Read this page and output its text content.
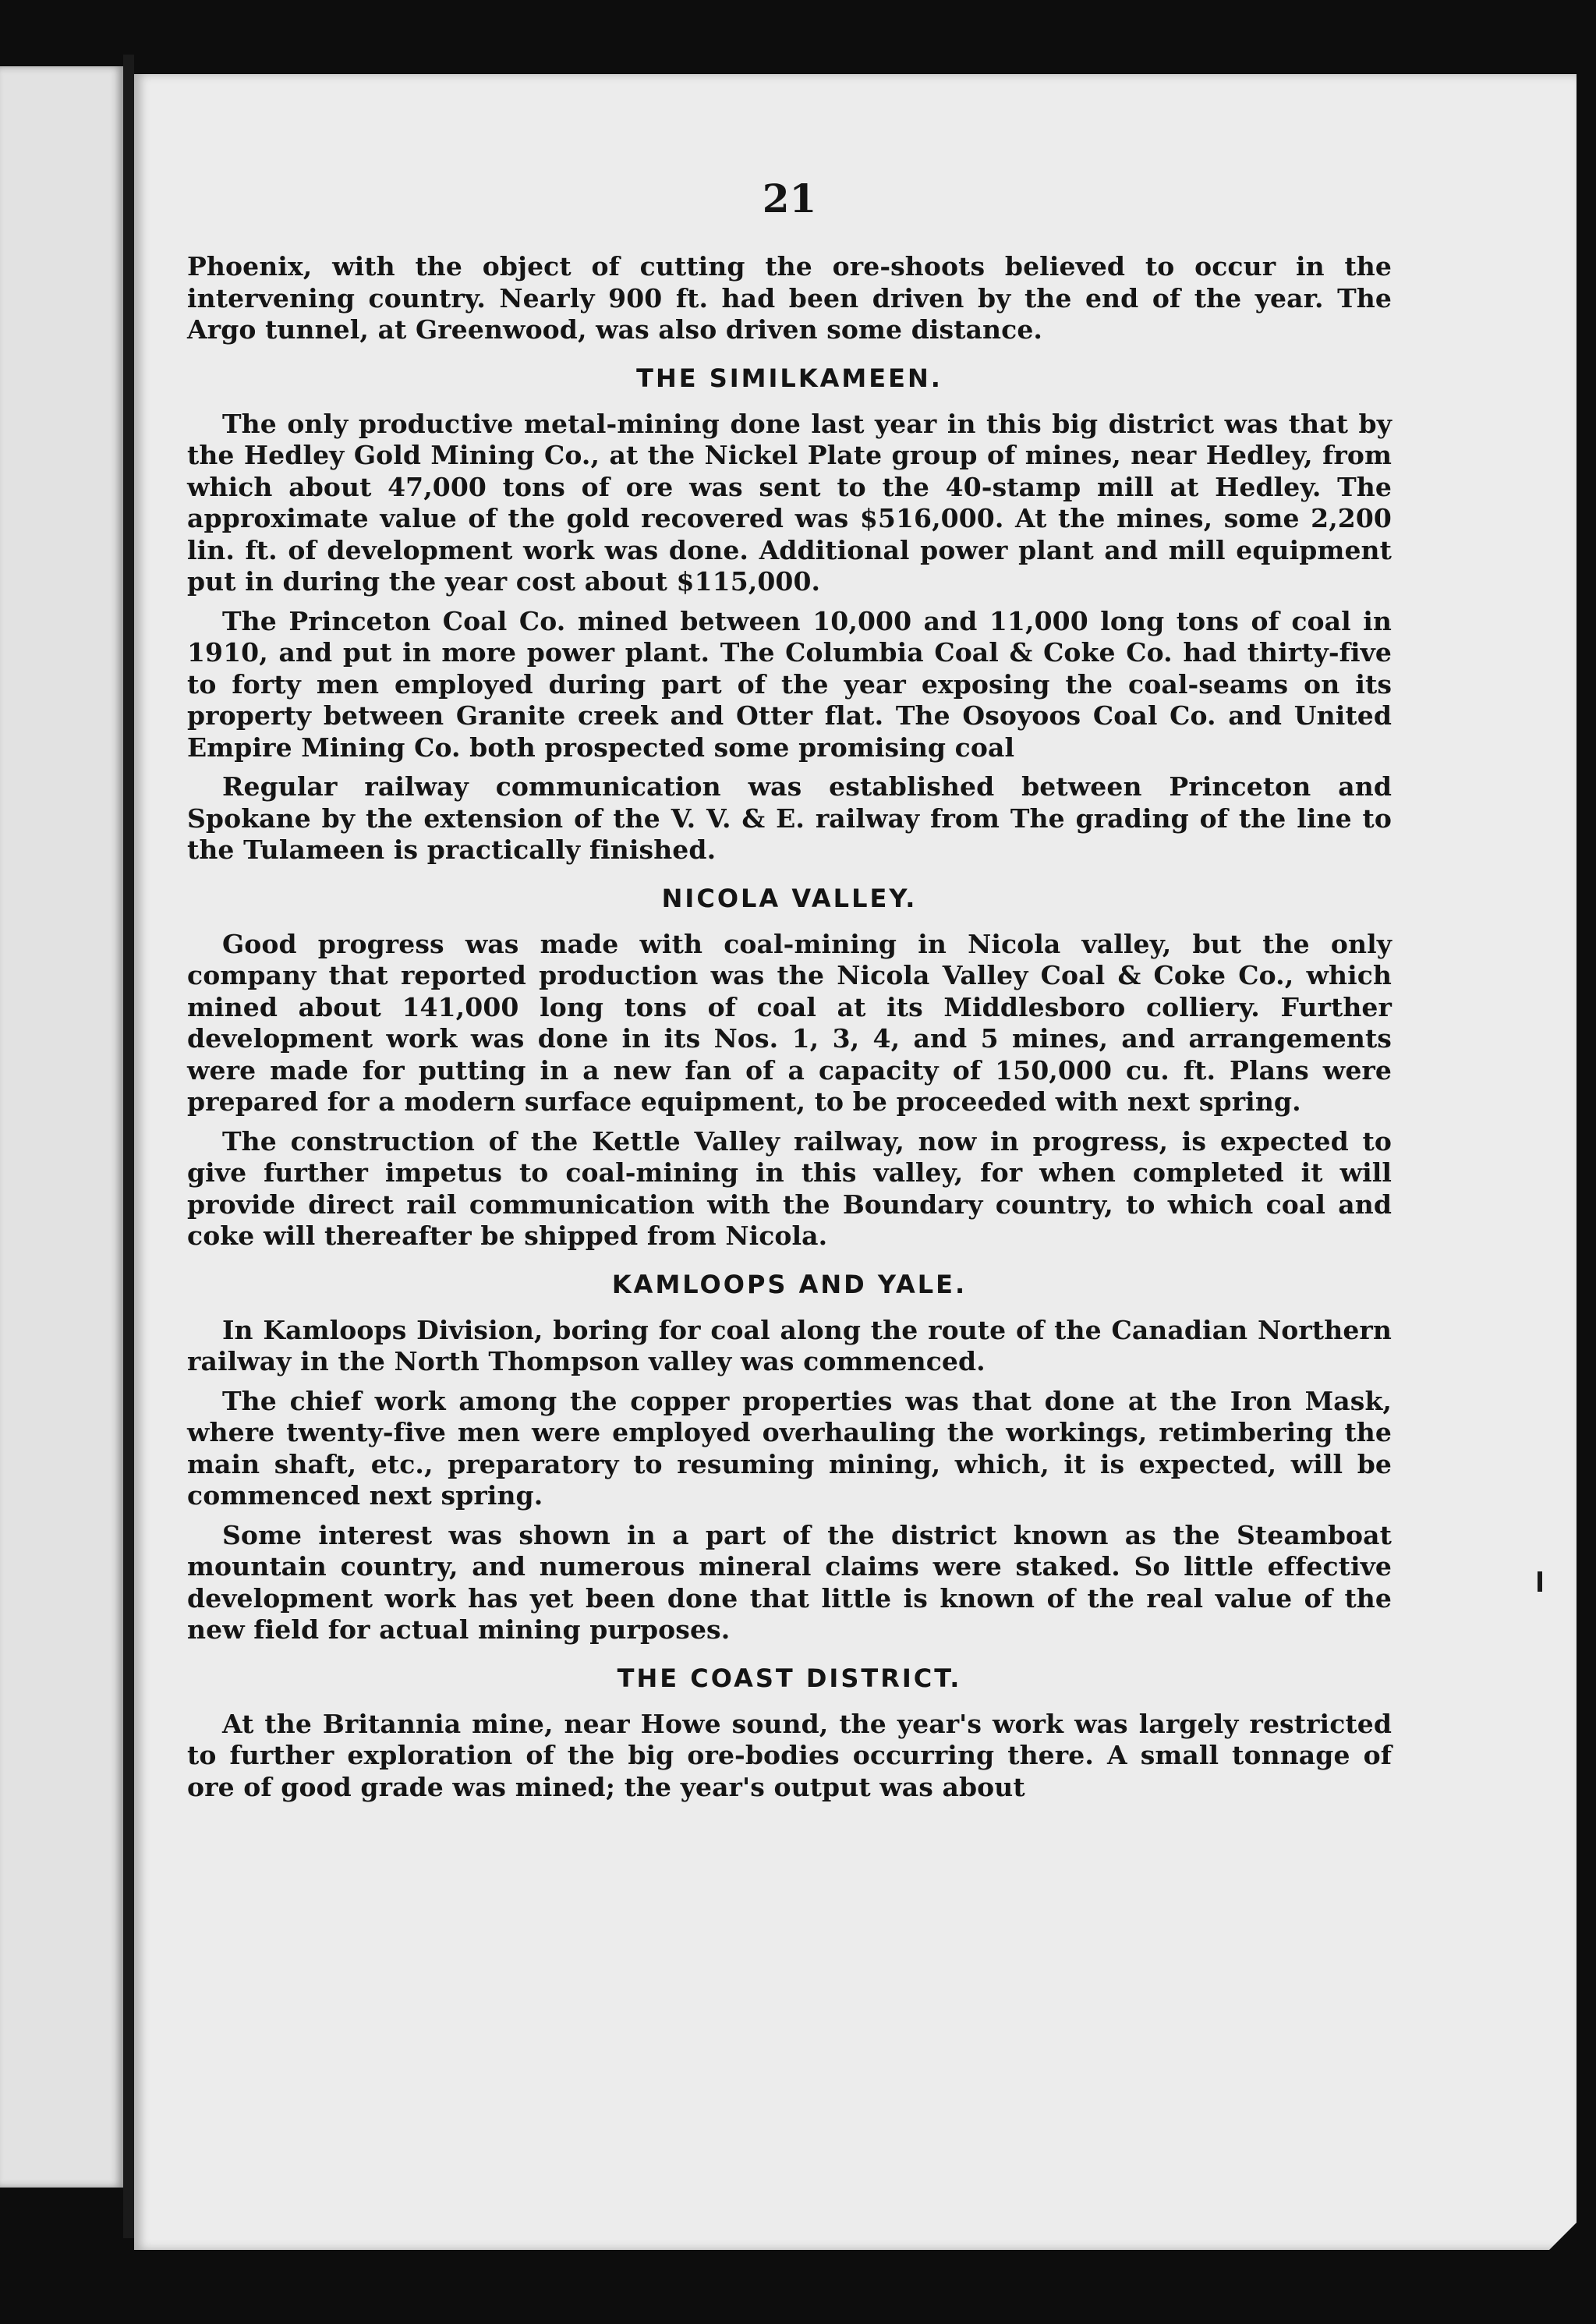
21

Phoenix, with the object of cutting the ore-shoots believed to occur in the intervening country. Nearly 900 ft. had been driven by the end of the year. The Argo tunnel, at Greenwood, was also driven some distance.

THE SIMILKAMEEN.

The only productive metal-mining done last year in this big district was that by the Hedley Gold Mining Co., at the Nickel Plate group of mines, near Hedley, from which about 47,000 tons of ore was sent to the 40-stamp mill at Hedley. The approximate value of the gold recovered was $516,000. At the mines, some 2,200 lin. ft. of development work was done. Additional power plant and mill equipment put in during the year cost about $115,000.

The Princeton Coal Co. mined between 10,000 and 11,000 long tons of coal in 1910, and put in more power plant. The Columbia Coal & Coke Co. had thirty-five to forty men employed during part of the year exposing the coal-seams on its property between Granite creek and Otter flat. The Osoyoos Coal Co. and United Empire Mining Co. both prospected some promising coal

Regular railway communication was established between Princeton and Spokane by the extension of the V. V. & E. railway from The grading of the line to the Tulameen is practically finished.

NICOLA VALLEY.

Good progress was made with coal-mining in Nicola valley, but the only company that reported production was the Nicola Valley Coal & Coke Co., which mined about 141,000 long tons of coal at its Middlesboro colliery. Further development work was done in its Nos. 1, 3, 4, and 5 mines, and arrangements were made for putting in a new fan of a capacity of 150,000 cu. ft. Plans were prepared for a modern surface equipment, to be proceeded with next spring.

The construction of the Kettle Valley railway, now in progress, is expected to give further impetus to coal-mining in this valley, for when completed it will provide direct rail communication with the Boundary country, to which coal and coke will thereafter be shipped from Nicola.

KAMLOOPS AND YALE.

In Kamloops Division, boring for coal along the route of the Canadian Northern railway in the North Thompson valley was commenced.

The chief work among the copper properties was that done at the Iron Mask, where twenty-five men were employed overhauling the workings, retimbering the main shaft, etc., preparatory to resuming mining, which, it is expected, will be commenced next spring.

Some interest was shown in a part of the district known as the Steamboat mountain country, and numerous mineral claims were staked. So little effective development work has yet been done that little is known of the real value of the new field for actual mining purposes.

THE COAST DISTRICT.

At the Britannia mine, near Howe sound, the year's work was largely restricted to further exploration of the big ore-bodies occurring there. A small tonnage of ore of good grade was mined; the year's output was about
